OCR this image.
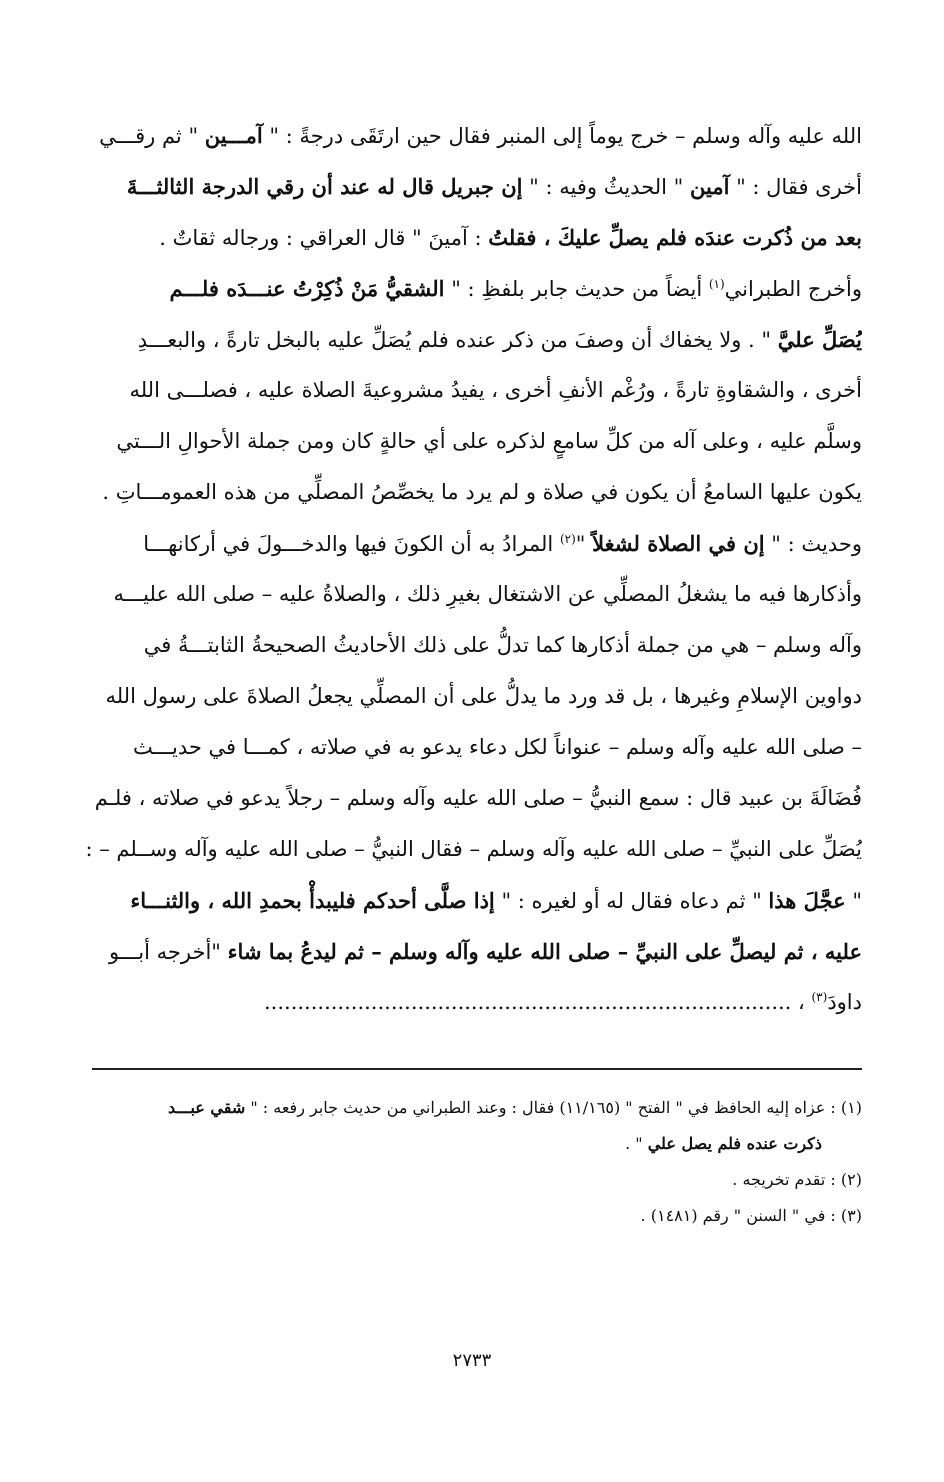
الله عليه وآله وسلم – خرج يوماً إلى المنبر فقال حين ارتَقَى درجةً : " آمـــين " ثم رقـــي
أخرى فقال : " آمين " الحديثُ وفيه : " إن جبريل قال له عند أن رقي الدرجة الثالثـــةَ
بعد من ذُكرت عندَه فلم يصلِّ عليكَ ، فقلتُ : آمينَ " قال العراقي : ورجاله ثقاتٌ .
وأخرج الطبراني$^{(١)}$ أيضاً من حديث جابر بلفظِ : " الشقيُّ مَنْ ذُكِرْتُ عنـــدَه فلـــم
يُصَلِّ عليَّ " . ولا يخفاك أن وصفَ من ذكر عنده فلم يُصَلِّ عليه بالبخل تارةً ، والبعـــدِ
أخرى ، والشقاوةِ تارةً ، ورُغْم الأنفِ أخرى ، يفيدُ مشروعيةَ الصلاة عليه ، فصلـــى الله
وسلَّم عليه ، وعلى آله من كلِّ سامعٍ لذكره على أي حالةٍ كان ومن جملة الأحوالِ الـــتي
يكون عليها السامعُ أن يكون في صلاة و لم يرد ما يخصِّصُ المصلِّي من هذه العمومـــاتِ .
وحديث : " إن في الصلاة لشغلاً "$^{(٢)}$ المرادُ به أن الكونَ فيها والدخـــولَ في أركانهـــا
وأذكارها فيه ما يشغلُ المصلِّي عن الاشتغال بغيرِ ذلك ، والصلاةُ عليه – صلى الله عليـــه
وآله وسلم – هي من جملة أذكارها كما تدلُّ على ذلك الأحاديثُ الصحيحةُ الثابتـــةُ في
دواوين الإسلامِ وغيرها ، بل قد ورد ما يدلُّ على أن المصلِّي يجعلُ الصلاةَ على رسول الله
– صلى الله عليه وآله وسلم – عنواناً لكل دعاء يدعو به في صلاته ، كمـــا في حديـــث
فُضَالَةَ بن عبيد قال : سمع النبيُّ – صلى الله عليه وآله وسلم – رجلاً يدعو في صلاته ، فلـم
يُصَلِّ على النبيِّ – صلى الله عليه وآله وسلم – فقال النبيُّ – صلى الله عليه وآله وســلم – :
" عجَّلَ هذا " ثم دعاه فقال له أو لغيره : " إذا صلَّى أحدكم فليبدأْ بحمدِ الله ، والثنـــاء
عليه ، ثم ليصلِّ على النبيِّ – صلى الله عليه وآله وسلم – ثم ليدعُ بما شاء "أخرجه أبـــو
داودَ$^{(٣)}$ ، ...............................................................................
(١) : عزاه إليه الحافظ في " الفتح " (١١/١٦٥) فقال : وعند الطبراني من حديث جابر رفعه : " شقي عبـــد
ذكرت عنده فلم يصل علي " .
(٢) : تقدم تخريجه .
(٣) : في " السنن " رقم (١٤٨١) .
٢٧٣٣
